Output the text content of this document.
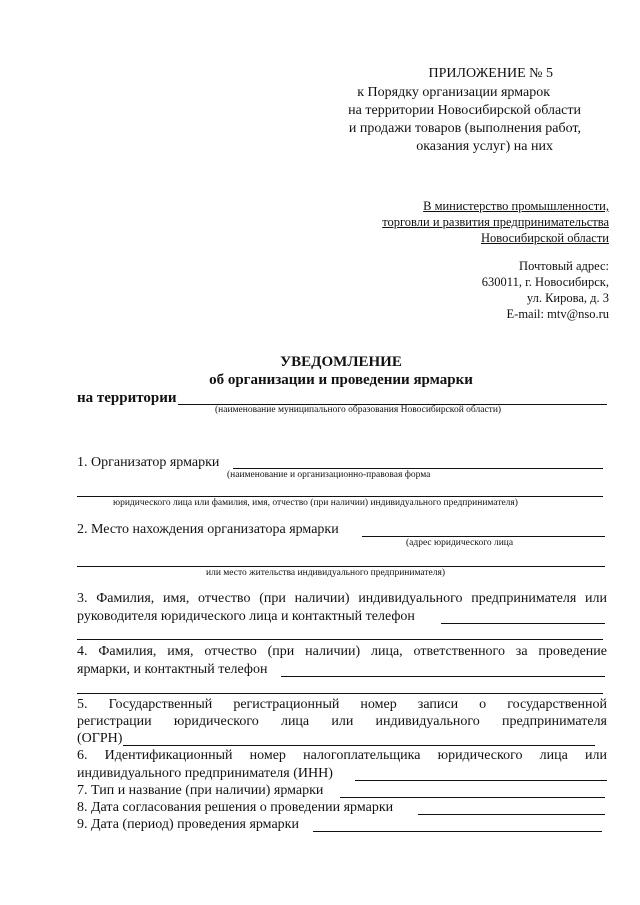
ПРИЛОЖЕНИЕ № 5
к Порядку организации ярмарок
на территории Новосибирской области
и продажи товаров (выполнения работ,
оказания услуг) на них
В министерство промышленности,
торговли и развития предпринимательства
Новосибирской области
Почтовый адрес:
630011, г. Новосибирск,
ул. Кирова, д. 3
E-mail: mtv@nso.ru
УВЕДОМЛЕНИЕ
об организации и проведении ярмарки
на территории
(наименование муниципального образования Новосибирской области)
1. Организатор ярмарки
(наименование и организационно-правовая форма
юридического лица или фамилия, имя, отчество (при наличии) индивидуального предпринимателя)
2. Место нахождения организатора ярмарки
(адрес юридического лица
или место жительства индивидуального предпринимателя)
3. Фамилия, имя, отчество (при наличии) индивидуального предпринимателя или
руководителя юридического лица и контактный телефон
4. Фамилия, имя, отчество (при наличии) лица, ответственного за проведение
ярмарки, и контактный телефон
5. Государственный регистрационный номер записи о государственной
регистрации юридического лица или индивидуального предпринимателя
(ОГРН)
6. Идентификационный номер налогоплательщика юридического лица или
индивидуального предпринимателя (ИНН)
7. Тип и название (при наличии) ярмарки
8. Дата согласования решения о проведении ярмарки
9. Дата (период) проведения ярмарки
